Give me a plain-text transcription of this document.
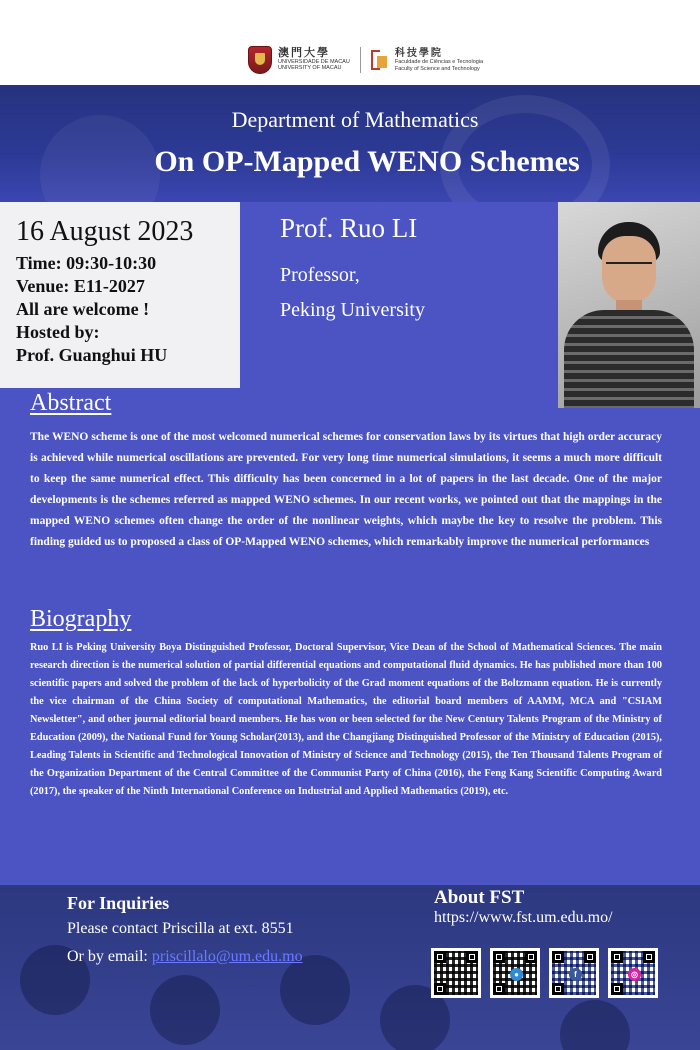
澳門大學
UNIVERSIDADE DE MACAU
UNIVERSITY OF MACAU
科技學院
Faculdade de Ciências e Tecnologia
Faculty of Science and Technology
Department of Mathematics
On OP-Mapped WENO Schemes
16 August 2023
Time: 09:30-10:30
Venue: E11-2027
All are welcome !
Hosted by:
Prof. Guanghui HU
Prof. Ruo LI
Professor,
Peking University
Abstract
The WENO scheme is one of the most welcomed numerical schemes for conservation laws by its virtues that high order accuracy is achieved while numerical oscillations are prevented. For very long time numerical simulations, it seems a much more difficult to keep the same numerical effect. This difficulty has been concerned in a lot of papers in the last decade. One of the major developments is the schemes referred as mapped WENO schemes. In our recent works, we pointed out that the mappings in the mapped WENO schemes often change the order of the nonlinear weights, which maybe the key to resolve the problem. This finding guided us to proposed a class of OP-Mapped WENO schemes, which remarkably improve the numerical performances
Biography
Ruo LI is Peking University Boya Distinguished Professor, Doctoral Supervisor, Vice Dean of the School of Mathematical Sciences. The main research direction is the numerical solution of partial differential equations and computational fluid dynamics. He has published more than 100 scientific papers and solved the problem of the lack of hyperbolicity of the Grad moment equations of the Boltzmann equation. He is currently the vice chairman of the China Society of computational Mathematics, the editorial board members of AAMM, MCA and "CSIAM Newsletter", and other journal editorial board members. He has won or been selected for the New Century Talents Program of the Ministry of Education (2009), the National Fund for Young Scholar(2013), and the Changjiang Distinguished Professor of the Ministry of Education (2015), Leading Talents in Scientific and Technological Innovation of Ministry of Science and Technology (2015), the Ten Thousand Talents Program of the Organization Department of the Central Committee of the Communist Party of China (2016), the Feng Kang Scientific Computing Award (2017), the speaker of the Ninth International Conference on Industrial and Applied Mathematics (2019), etc.
For Inquiries
Please contact Priscilla at ext. 8551
Or by email: priscillalo@um.edu.mo
About FST
https://www.fst.um.edu.mo/
●	f	◎
